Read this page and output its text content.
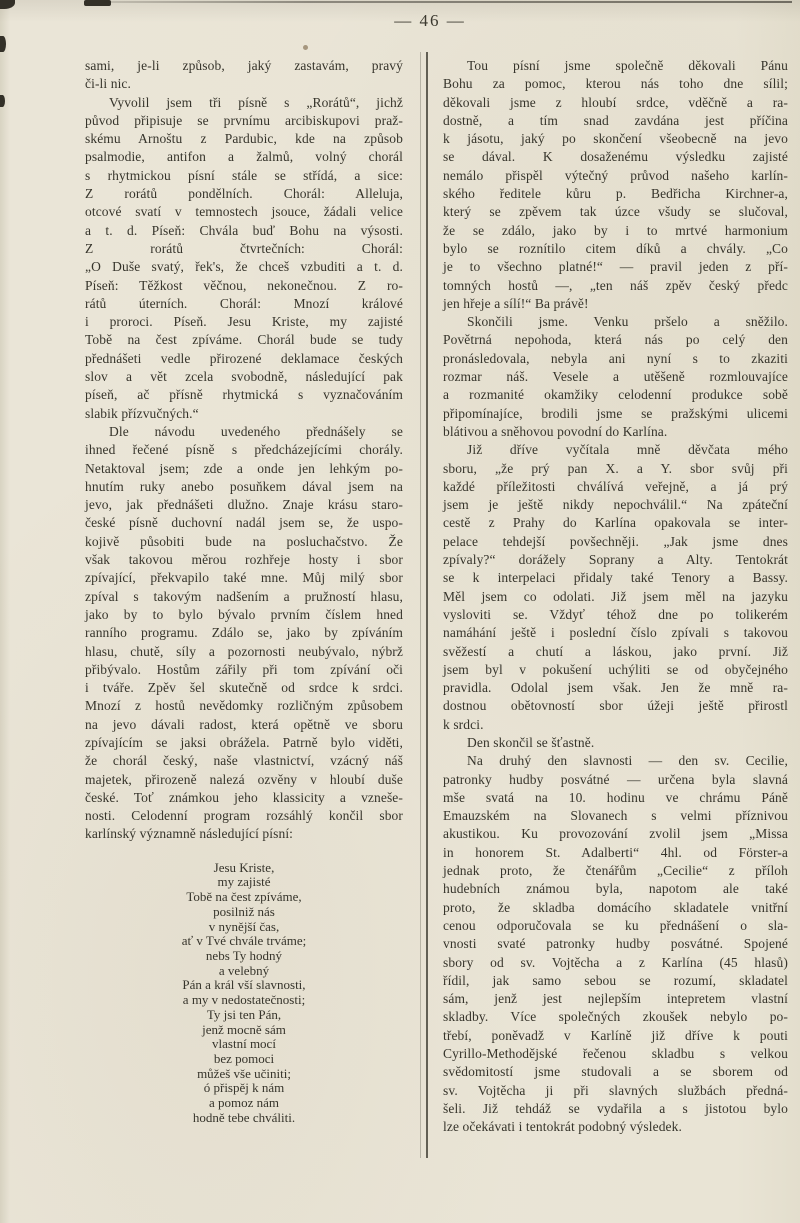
— 46 —
sami, je-li způsob, jaký zastavám, pravý
či-li nic.
Vyvolil jsem tři písně s „Rorátů“, jichž
původ připisuje se prvnímu arcibiskupovi praž-
skému Arnoštu z Pardubic, kde na způsob
psalmodie, antifon a žalmů, volný chorál
s rhytmickou písní stále se střídá, a sice:
Z rorátů pondělních. Chorál: Alleluja,
otcové svatí v temnostech jsouce, žádali velice
a t. d. Píseň: Chvála buď Bohu na výsosti.
Z rorátů čtvrtečních: Chorál:
„O Duše svatý, řek's, že chceš vzbuditi a t. d.
Píseň: Těžkost věčnou, nekonečnou. Z ro-
rátů úterních. Chorál: Mnozí králové
i proroci. Píseň. Jesu Kriste, my zajisté
Tobě na čest zpíváme. Chorál bude se tudy
přednášeti vedle přirozené deklamace českých
slov a vět zcela svobodně, následující pak
píseň, ač přísně rhytmická s vyznačováním
slabik přízvučných.“
Dle návodu uvedeného přednášely se
ihned řečené písně s předcházejícími chorály.
Netaktoval jsem; zde a onde jen lehkým po-
hnutím ruky anebo posuňkem dával jsem na
jevo, jak přednášeti dlužno. Znaje krásu staro-
české písně duchovní nadál jsem se, že uspo-
kojivě působiti bude na posluchačstvo. Že
však takovou měrou rozhřeje hosty i sbor
zpívající, překvapilo také mne. Můj milý sbor
zpíval s takovým nadšením a pružností hlasu,
jako by to bylo bývalo prvním číslem hned
ranního programu. Zdálo se, jako by zpíváním
hlasu, chutě, síly a pozornosti neubývalo, nýbrž
přibývalo. Hostům zářily při tom zpívání oči
i tváře. Zpěv šel skutečně od srdce k srdci.
Mnozí z hostů nevědomky rozličným způsobem
na jevo dávali radost, která opětně ve sboru
zpívajícím se jaksi obrážela. Patrně bylo viděti,
že chorál český, naše vlastnictví, vzácný náš
majetek, přirozeně nalezá ozvěny v hloubí duše
české. Toť známkou jeho klassicity a vzneše-
nosti. Celodenní program rozsáhlý končil sbor
karlínský významně následující písní:
Jesu Kriste,
my zajisté
Tobě na čest zpíváme,
posilniž nás
v nynější čas,
ať v Tvé chvále trváme;
nebs Ty hodný
a velebný
Pán a král vší slavnosti,
a my v nedostatečnosti;
Ty jsi ten Pán,
jenž mocně sám
vlastní mocí
bez pomoci
můžeš vše učiniti;
ó přispěj k nám
a pomoz nám
hodně tebe chváliti.
Tou písní jsme společně děkovali Pánu
Bohu za pomoc, kterou nás toho dne sílil;
děkovali jsme z hloubí srdce, vděčně a ra-
dostně, a tím snad zavdána jest příčina
k jásotu, jaký po skončení všeobecně na jevo
se dával. K dosaženému výsledku zajisté
nemálo přispěl výtečný průvod našeho karlín-
ského ředitele kůru p. Bedřicha Kirchner-a,
který se zpěvem tak úzce všudy se slučoval,
že se zdálo, jako by i to mrtvé harmonium
bylo se roznítilo citem díků a chvály. „Co
je to všechno platné!“ — pravil jeden z pří-
tomných hostů —, „ten náš zpěv český předc
jen hřeje a sílí!“ Ba právě!
Skončili jsme. Venku pršelo a sněžilo.
Povětrná nepohoda, která nás po celý den
pronásledovala, nebyla ani nyní s to zkaziti
rozmar náš. Vesele a utěšeně rozmlouvajíce
a rozmanité okamžiky celodenní produkce sobě
připomínajíce, brodili jsme se pražskými ulicemi
blátivou a sněhovou povodní do Karlína.
Již dříve vyčítala mně děvčata mého
sboru, „že prý pan X. a Y. sbor svůj při
každé příležitosti chválívá veřejně, a já prý
jsem je ještě nikdy nepochválil.“ Na zpáteční
cestě z Prahy do Karlína opakovala se inter-
pelace tehdejší povšechněji. „Jak jsme dnes
zpívaly?“ dorážely Soprany a Alty. Tentokrát
se k interpelaci přidaly také Tenory a Bassy.
Měl jsem co odolati. Již jsem měl na jazyku
vysloviti se. Vždyť téhož dne po tolikerém
namáhání ještě i poslední číslo zpívali s takovou
svěžestí a chutí a láskou, jako první. Již
jsem byl v pokušení uchýliti se od obyčejného
pravidla. Odolal jsem však. Jen že mně ra-
dostnou obětovností sbor úžeji ještě přirostl
k srdci.
Den skončil se šťastně.
Na druhý den slavnosti — den sv. Cecilie,
patronky hudby posvátné — určena byla slavná
mše svatá na 10. hodinu ve chrámu Páně
Emauzském na Slovanech s velmi příznivou
akustikou. Ku provozování zvolil jsem „Missa
in honorem St. Adalberti“ 4hl. od Förster-a
jednak proto, že čtenářům „Cecilie“ z příloh
hudebních známou byla, napotom ale také
proto, že skladba domácího skladatele vnitřní
cenou odporučovala se ku přednášení o sla-
vnosti svaté patronky hudby posvátné. Spojené
sbory od sv. Vojtěcha a z Karlína (45 hlasů)
řídil, jak samo sebou se rozumí, skladatel
sám, jenž jest nejlepším intepretem vlastní
skladby. Více společných zkoušek nebylo po-
třebí, poněvadž v Karlíně již dříve k pouti
Cyrillo-Methodějské řečenou skladbu s velkou
svědomitostí jsme studovali a se sborem od
sv. Vojtěcha ji při slavných službách předná-
šeli. Již tehdáž se vydařila a s jistotou bylo
lze očekávati i tentokrát podobný výsledek.
